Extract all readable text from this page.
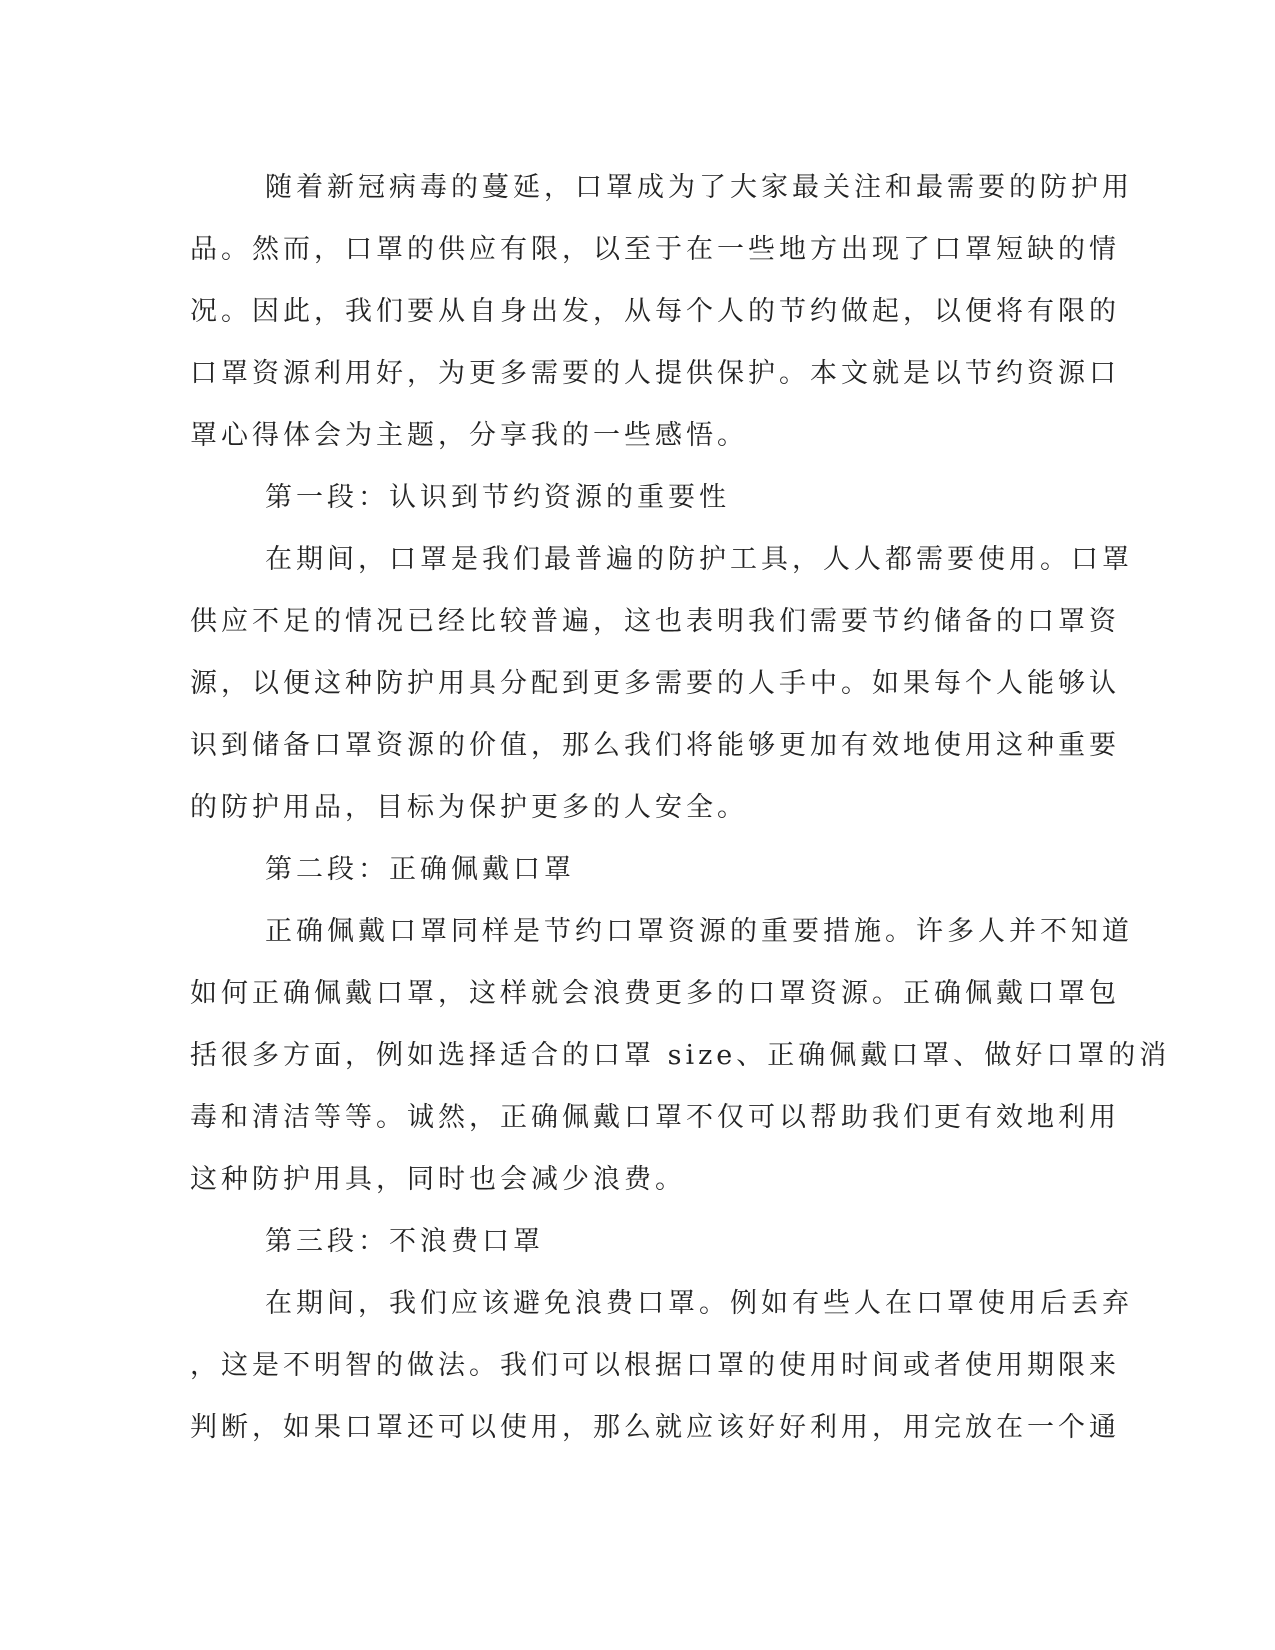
随着新冠病毒的蔓延，口罩成为了大家最关注和最需要的防护用
品。然而，口罩的供应有限，以至于在一些地方出现了口罩短缺的情
况。因此，我们要从自身出发，从每个人的节约做起，以便将有限的
口罩资源利用好，为更多需要的人提供保护。本文就是以节约资源口
罩心得体会为主题，分享我的一些感悟。
第一段：认识到节约资源的重要性
在期间，口罩是我们最普遍的防护工具，人人都需要使用。口罩
供应不足的情况已经比较普遍，这也表明我们需要节约储备的口罩资
源，以便这种防护用具分配到更多需要的人手中。如果每个人能够认
识到储备口罩资源的价值，那么我们将能够更加有效地使用这种重要
的防护用品，目标为保护更多的人安全。
第二段：正确佩戴口罩
正确佩戴口罩同样是节约口罩资源的重要措施。许多人并不知道
如何正确佩戴口罩，这样就会浪费更多的口罩资源。正确佩戴口罩包
括很多方面，例如选择适合的口罩 size、正确佩戴口罩、做好口罩的消
毒和清洁等等。诚然，正确佩戴口罩不仅可以帮助我们更有效地利用
这种防护用具，同时也会减少浪费。
第三段：不浪费口罩
在期间，我们应该避免浪费口罩。例如有些人在口罩使用后丢弃
，这是不明智的做法。我们可以根据口罩的使用时间或者使用期限来
判断，如果口罩还可以使用，那么就应该好好利用，用完放在一个通
